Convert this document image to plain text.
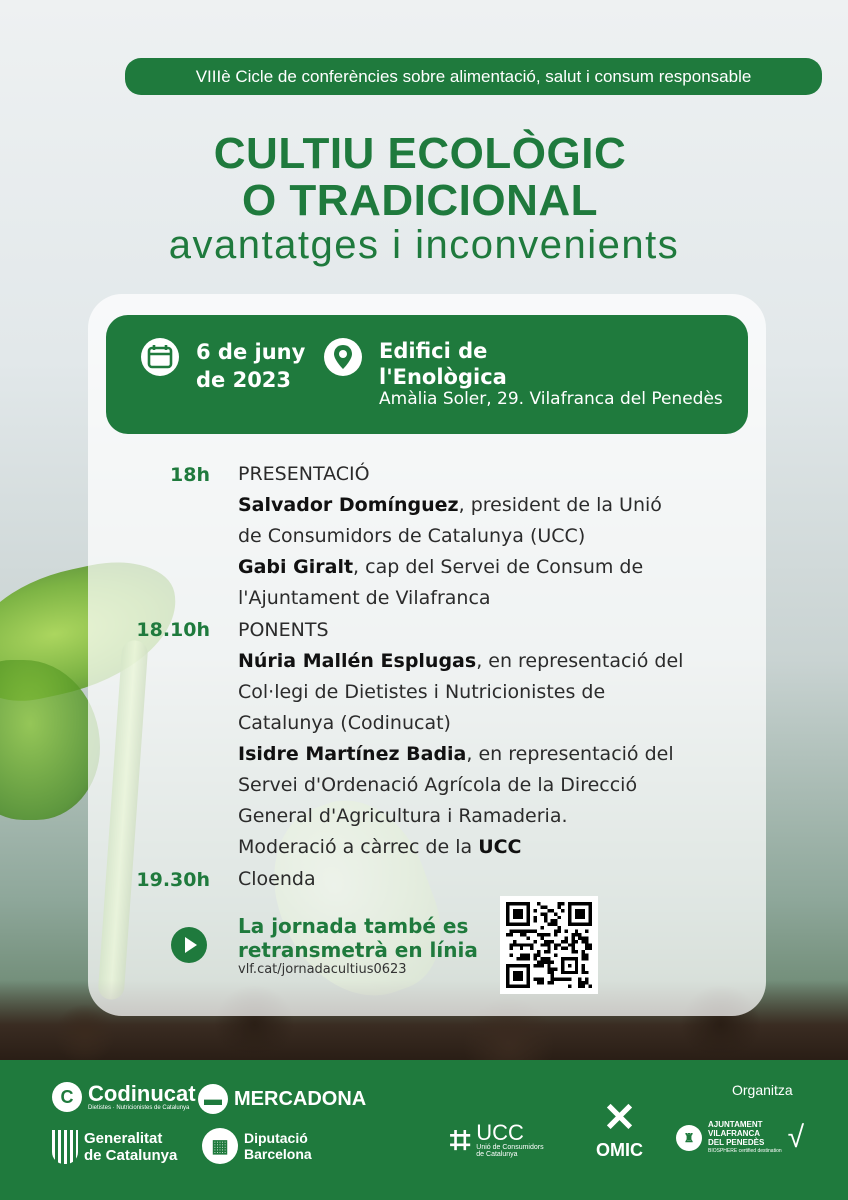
VIIIè Cicle de conferències sobre alimentació, salut i consum responsable
CULTIU ECOLÒGIC
O TRADICIONAL
avantatges i inconvenients
6 de juny
de 2023
Edifici de
l'Enològica
Amàlia Soler, 29. Vilafranca del Penedès
18h PRESENTACIÓ
Salvador Domínguez, president de la Unió
de Consumidors de Catalunya (UCC)
Gabi Giralt, cap del Servei de Consum de
l'Ajuntament de Vilafranca
18.10h PONENTS
Núria Mallén Esplugas, en representació del
Col·legi de Dietistes i Nutricionistes de
Catalunya (Codinucat)
Isidre Martínez Badia, en representació del
Servei d'Ordenació Agrícola de la Direcció
General d'Agricultura i Ramaderia.
Moderació a càrrec de la UCC
19.30h Cloenda
La jornada també es
retransmetrà en línia
vlf.cat/jornadacultius0623
C Codinucat
Dietistes · Nutricionistes de Catalunya ▬ MERCADONA
Generalitat
de Catalunya	▦	Diputació
Barcelona	⌗ UCC
Unió de Consumidors
de Catalunya
✕
OMIC
Organitza
♜
AJUNTAMENT
VILAFRANCA
DEL PENEDÈS
BIOSPHERE certified destination √
